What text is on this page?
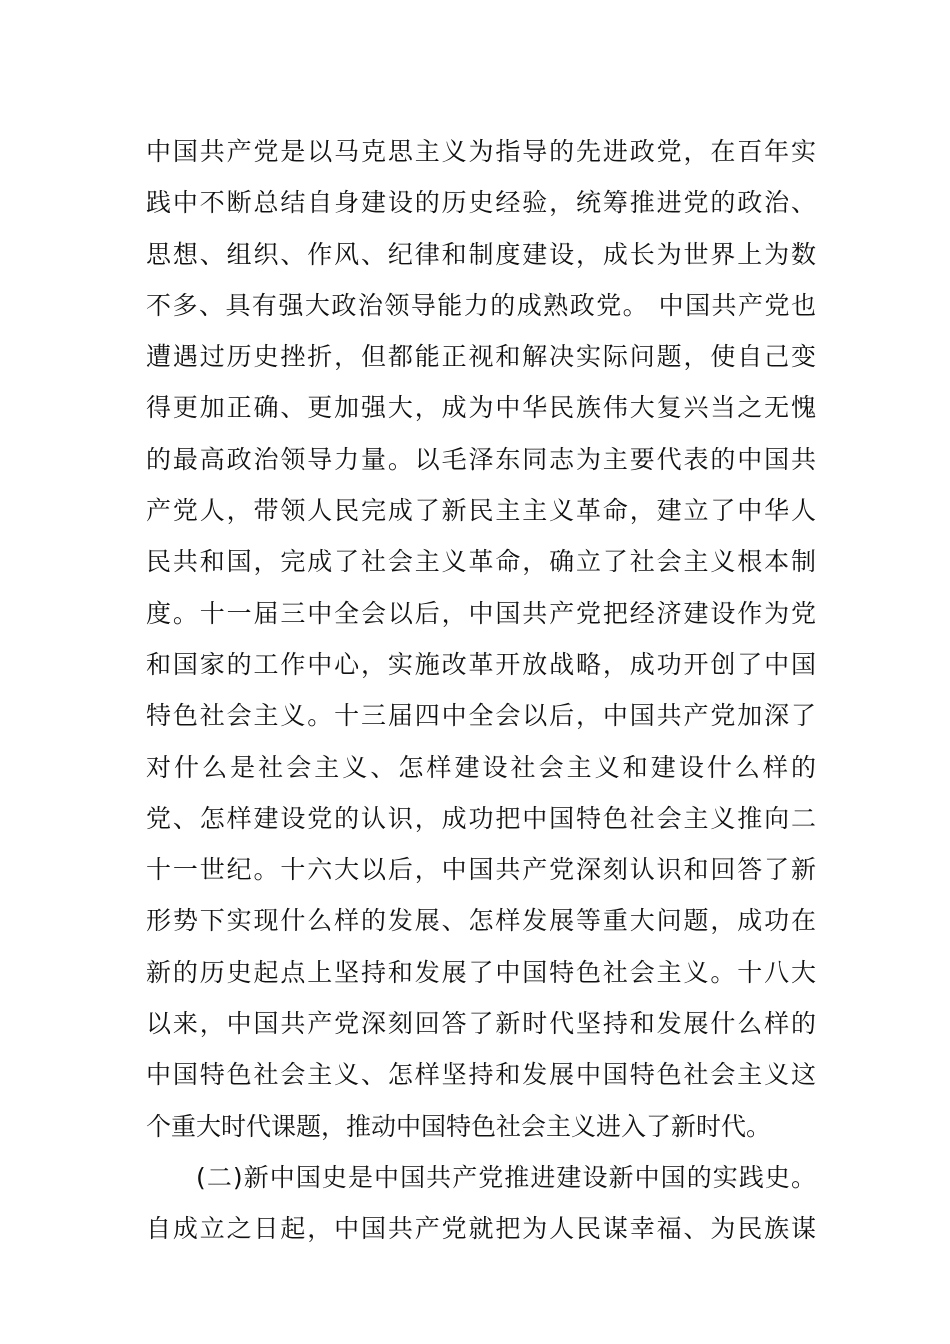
中国共产党是以马克思主义为指导的先进政党，在百年实
践中不断总结自身建设的历史经验，统筹推进党的政治、
思想、组织、作风、纪律和制度建设，成长为世界上为数
不多、具有强大政治领导能力的成熟政党。 中国共产党也
遭遇过历史挫折，但都能正视和解决实际问题，使自己变
得更加正确、更加强大，成为中华民族伟大复兴当之无愧
的最高政治领导力量。以毛泽东同志为主要代表的中国共
产党人，带领人民完成了新民主主义革命，建立了中华人
民共和国，完成了社会主义革命，确立了社会主义根本制
度。十一届三中全会以后，中国共产党把经济建设作为党
和国家的工作中心，实施改革开放战略，成功开创了中国
特色社会主义。十三届四中全会以后，中国共产党加深了
对什么是社会主义、怎样建设社会主义和建设什么样的
党、怎样建设党的认识，成功把中国特色社会主义推向二
十一世纪。十六大以后，中国共产党深刻认识和回答了新
形势下实现什么样的发展、怎样发展等重大问题，成功在
新的历史起点上坚持和发展了中国特色社会主义。十八大
以来，中国共产党深刻回答了新时代坚持和发展什么样的
中国特色社会主义、怎样坚持和发展中国特色社会主义这
个重大时代课题，推动中国特色社会主义进入了新时代。
(二)新中国史是中国共产党推进建设新中国的实践史。
自成立之日起，中国共产党就把为人民谋幸福、为民族谋
